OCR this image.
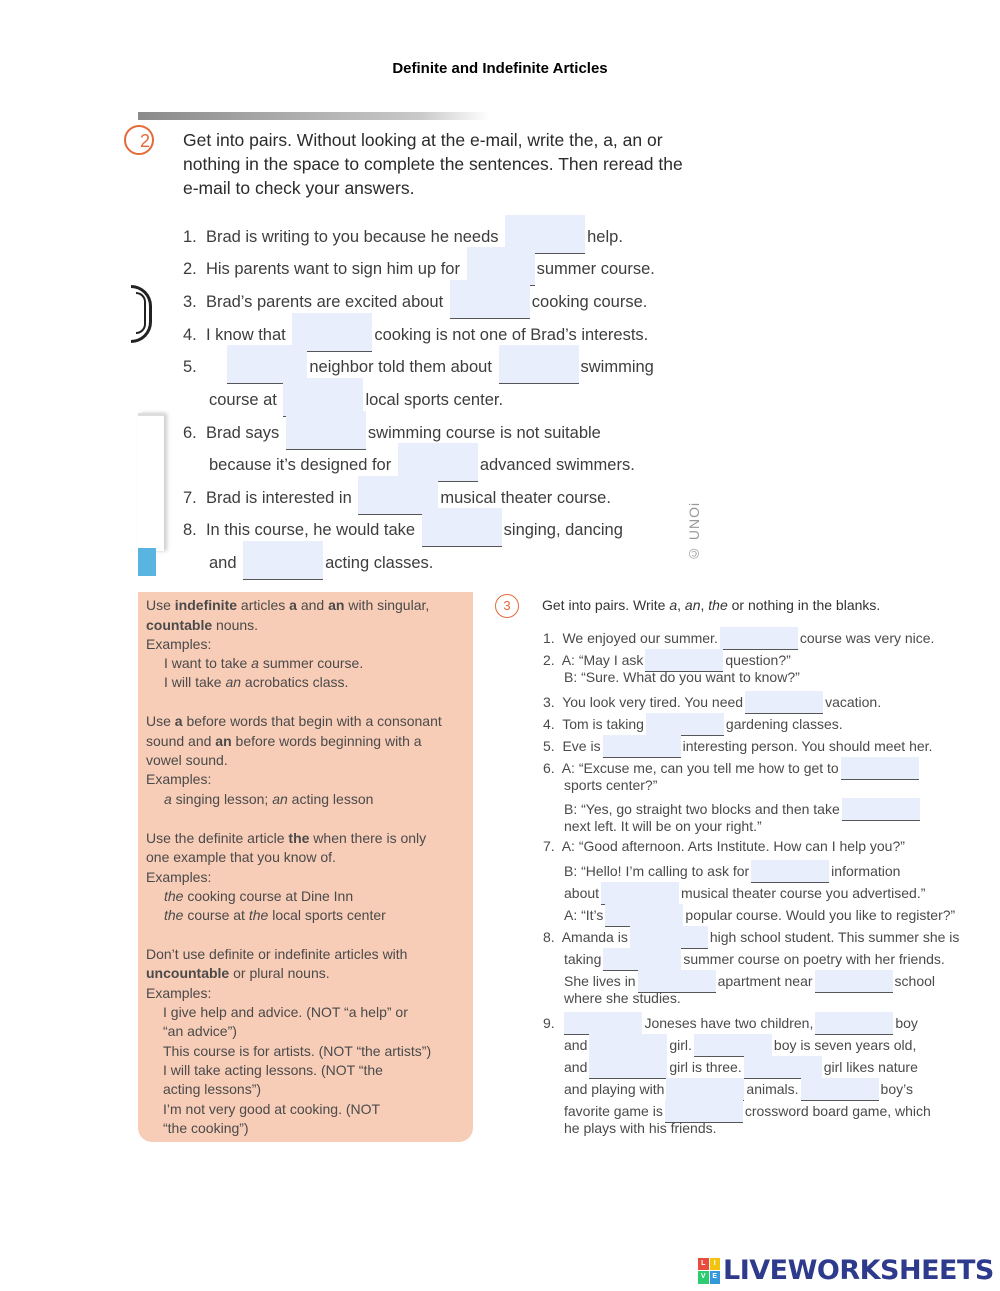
Definite and Indefinite Articles
2 Get into pairs. Without looking at the e-mail, write the, a, an or
nothing in the space to complete the sentences. Then reread the
e-mail to check your answers.
© UNOi
1. Brad is writing to you because he needs	help.
2. His parents want to sign him up for	summer course.
3. Brad’s parents are excited about	cooking course.
4. I know that	cooking is not one of Brad’s interests.
5.	neighbor told them about	swimming
course at	local sports center.
6. Brad says	swimming course is not suitable
because it’s designed for	advanced swimmers.
7. Brad is interested in	musical theater course.
8. In this course, he would take	singing, dancing
and	acting classes.
Use indefinite articles a and an with singular,
countable nouns.
Examples:
I want to take a summer course.
I will take an acrobatics class.
Use a before words that begin with a consonant
sound and an before words beginning with a
vowel sound.
Examples:
a singing lesson; an acting lesson
Use the definite article the when there is only
one example that you know of.
Examples:
the cooking course at Dine Inn
the course at the local sports center
Don’t use definite or indefinite articles with
uncountable or plural nouns.
Examples:
I give help and advice. (NOT “a help” or
“an advice”)
This course is for artists. (NOT “the artists”)
I will take acting lessons. (NOT “the
acting lessons”)
I’m not very good at cooking. (NOT
“the cooking”)
3	Get into pairs. Write a, an, the or nothing in the blanks.
1. We enjoyed our summer.	course was very nice.
2. A: “May I ask	question?”
B: “Sure. What do you want to know?”
3. You look very tired. You need	vacation.
4. Tom is taking	gardening classes.
5. Eve is	interesting person. You should meet her.
6. A: “Excuse me, can you tell me how to get to
sports center?”
B: “Yes, go straight two blocks and then take
next left. It will be on your right.”
7. A: “Good afternoon. Arts Institute. How can I help you?”
B: “Hello! I’m calling to ask for	information
about	musical theater course you advertised.”
A: “It’s	popular course. Would you like to register?”
8. Amanda is	high school student. This summer she is
taking	summer course on poetry with her friends.
She lives in	apartment near	school
where she studies.
9.	Joneses have two children,	boy
and	girl.	boy is seven years old,
and	girl is three.	girl likes nature
and playing with	animals.	boy’s
favorite game is	crossword board game, which
he plays with his friends.
L	I
V E LIVEWORKSHEETS
